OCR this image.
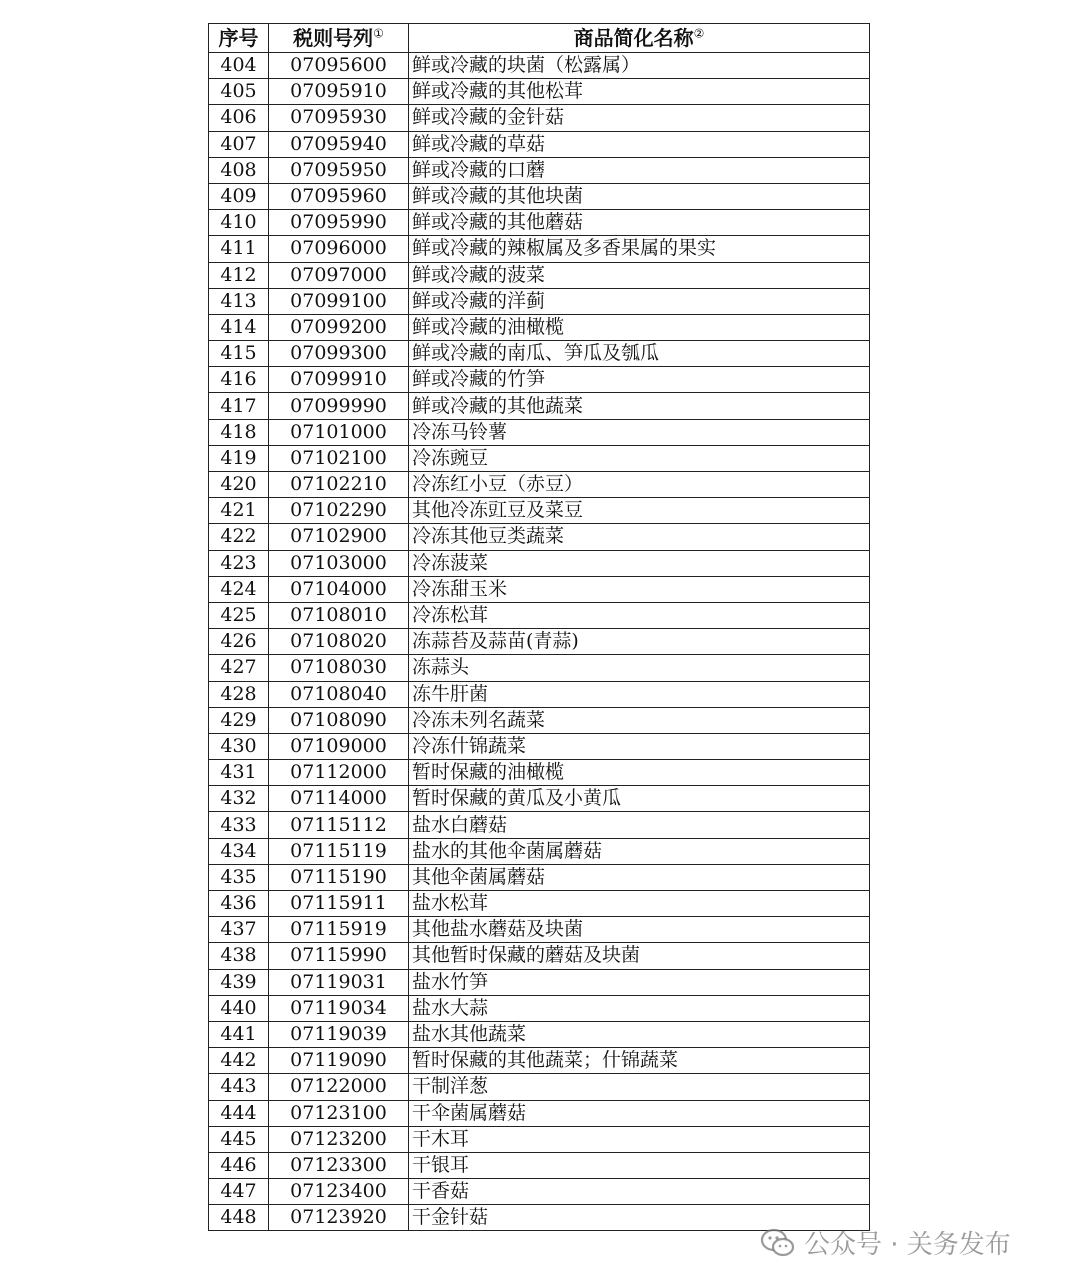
序号	税则号列①	商品简化名称②
404	07095600	鲜或冷藏的块菌（松露属）
405	07095910	鲜或冷藏的其他松茸
406	07095930	鲜或冷藏的金针菇
407	07095940	鲜或冷藏的草菇
408	07095950	鲜或冷藏的口蘑
409	07095960	鲜或冷藏的其他块菌
410	07095990	鲜或冷藏的其他蘑菇
411	07096000	鲜或冷藏的辣椒属及多香果属的果实
412	07097000	鲜或冷藏的菠菜
413	07099100	鲜或冷藏的洋蓟
414	07099200	鲜或冷藏的油橄榄
415	07099300	鲜或冷藏的南瓜、笋瓜及瓠瓜
416	07099910	鲜或冷藏的竹笋
417	07099990	鲜或冷藏的其他蔬菜
418	07101000	冷冻马铃薯
419	07102100	冷冻豌豆
420	07102210	冷冻红小豆（赤豆）
421	07102290	其他冷冻豇豆及菜豆
422	07102900	冷冻其他豆类蔬菜
423	07103000	冷冻菠菜
424	07104000	冷冻甜玉米
425	07108010	冷冻松茸
426	07108020	冻蒜苔及蒜苗(青蒜)
427	07108030	冻蒜头
428	07108040	冻牛肝菌
429	07108090	冷冻未列名蔬菜
430	07109000	冷冻什锦蔬菜
431	07112000	暂时保藏的油橄榄
432	07114000	暂时保藏的黄瓜及小黄瓜
433	07115112	盐水白蘑菇
434	07115119	盐水的其他伞菌属蘑菇
435	07115190	其他伞菌属蘑菇
436	07115911	盐水松茸
437	07115919	其他盐水蘑菇及块菌
438	07115990	其他暂时保藏的蘑菇及块菌
439	07119031	盐水竹笋
440	07119034	盐水大蒜
441	07119039	盐水其他蔬菜
442	07119090	暂时保藏的其他蔬菜；什锦蔬菜
443	07122000	干制洋葱
444	07123100	干伞菌属蘑菇
445	07123200	干木耳
446	07123300	干银耳
447	07123400	干香菇
448	07123920	干金针菇
公众号 · 关务发布
